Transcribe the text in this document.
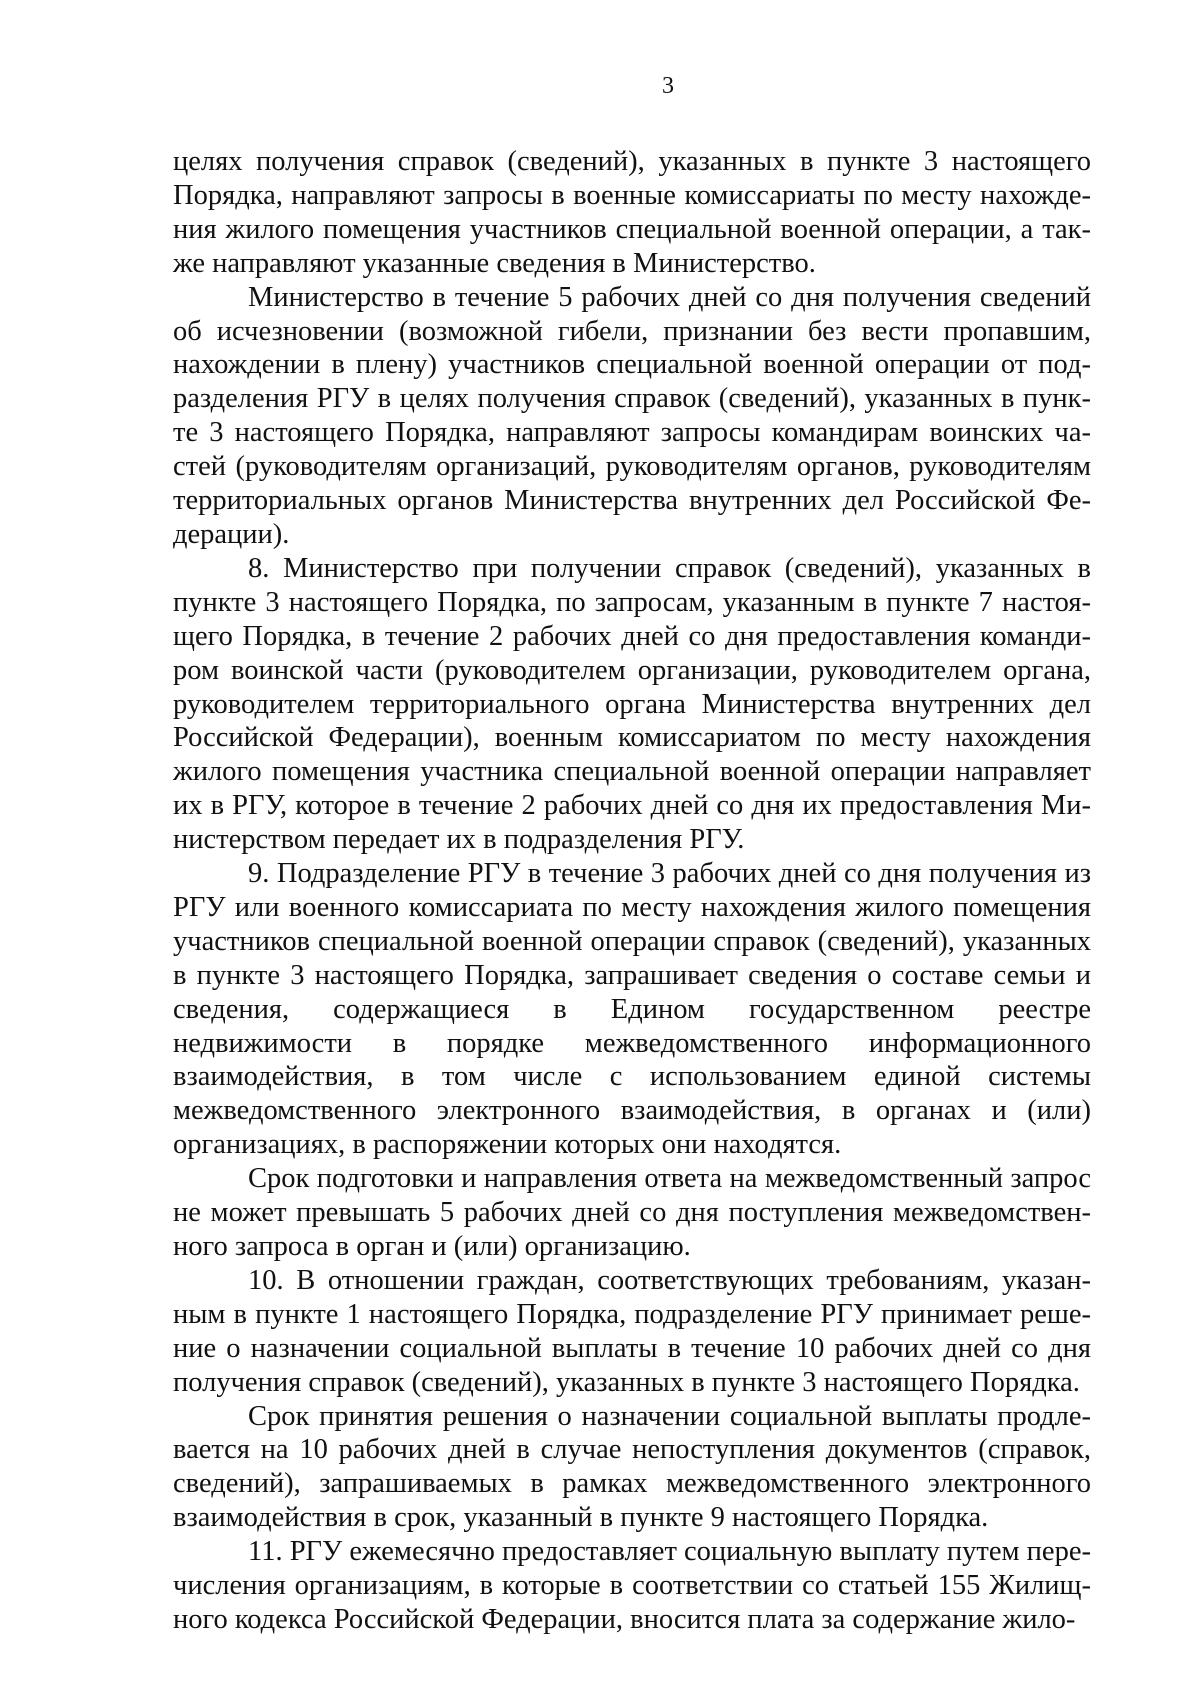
3

целях получения справок (сведений), указанных в пункте 3 настоящего Порядка, направляют запросы в военные комиссариаты по месту нахождения жилого помещения участников специальной военной операции, а также направляют указанные сведения в Министерство.

Министерство в течение 5 рабочих дней со дня получения сведений об исчезновении (возможной гибели, признании без вести пропавшим, нахождении в плену) участников специальной военной операции от подразделения РГУ в целях получения справок (сведений), указанных в пункте 3 настоящего Порядка, направляют запросы командирам воинских частей (руководителям организаций, руководителям органов, руководителям территориальных органов Министерства внутренних дел Российской Федерации).

8. Министерство при получении справок (сведений), указанных в пункте 3 настоящего Порядка, по запросам, указанным в пункте 7 настоящего Порядка, в течение 2 рабочих дней со дня предоставления командиром воинской части (руководителем организации, руководителем органа, руководителем территориального органа Министерства внутренних дел Российской Федерации), военным комиссариатом по месту нахождения жилого помещения участника специальной военной операции направляет их в РГУ, которое в течение 2 рабочих дней со дня их предоставления Министерством передает их в подразделения РГУ.

9. Подразделение РГУ в течение 3 рабочих дней со дня получения из РГУ или военного комиссариата по месту нахождения жилого помещения участников специальной военной операции справок (сведений), указанных в пункте 3 настоящего Порядка, запрашивает сведения о составе семьи и сведения, содержащиеся в Едином государственном реестре недвижимости в порядке межведомственного информационного взаимодействия, в том числе с использованием единой системы межведомственного электронного взаимодействия, в органах и (или) организациях, в распоряжении которых они находятся.

Срок подготовки и направления ответа на межведомственный запрос не может превышать 5 рабочих дней со дня поступления межведомственного запроса в орган и (или) организацию.

10. В отношении граждан, соответствующих требованиям, указанным в пункте 1 настоящего Порядка, подразделение РГУ принимает решение о назначении социальной выплаты в течение 10 рабочих дней со дня получения справок (сведений), указанных в пункте 3 настоящего Порядка.

Срок принятия решения о назначении социальной выплаты продлевается на 10 рабочих дней в случае непоступления документов (справок, сведений), запрашиваемых в рамках межведомственного электронного взаимодействия в срок, указанный в пункте 9 настоящего Порядка.

11. РГУ ежемесячно предоставляет социальную выплату путем перечисления организациям, в которые в соответствии со статьей 155 Жилищного кодекса Российской Федерации, вносится плата за содержание жило-
